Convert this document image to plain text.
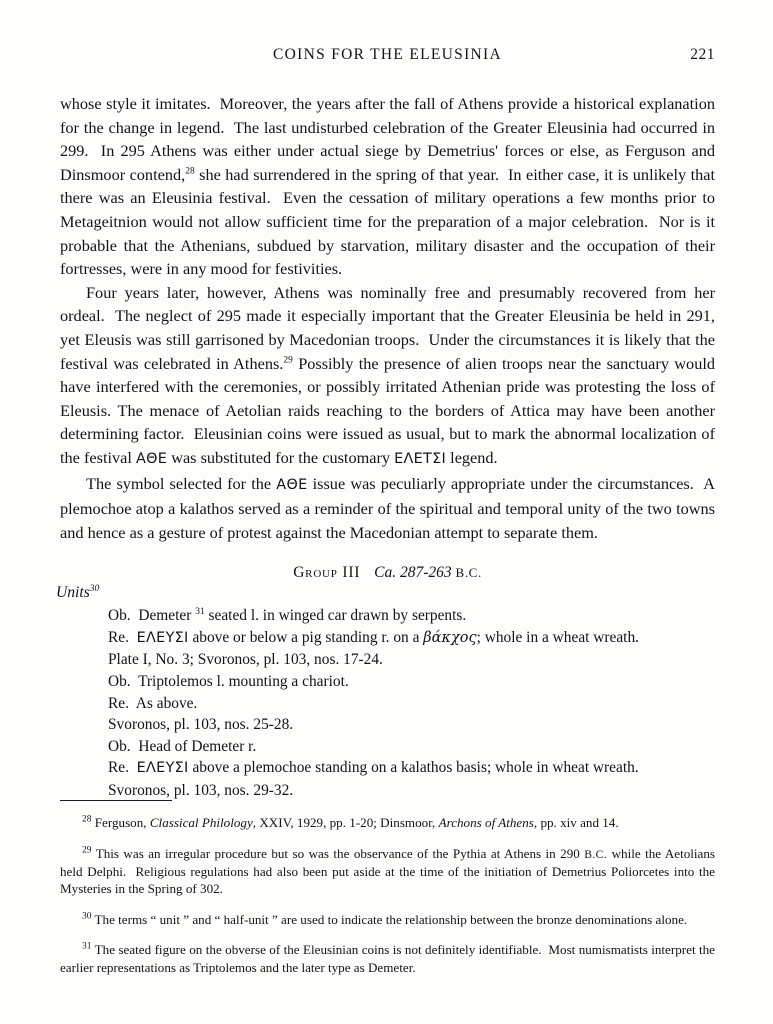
COINS FOR THE ELEUSINIA	221

whose style it imitates.  Moreover, the years after the fall of Athens provide a historical explanation for the change in legend.  The last undisturbed celebration of the Greater Eleusinia had occurred in 299.  In 295 Athens was either under actual siege by Demetrius' forces or else, as Ferguson and Dinsmoor contend,$^{28}$ she had surrendered in the spring of that year.  In either case, it is unlikely that there was an Eleusinia festival.  Even the cessation of military operations a few months prior to Metageitnion would not allow sufficient time for the preparation of a major celebration.  Nor is it probable that the Athenians, subdued by starvation, military disaster and the occupation of their fortresses, were in any mood for festivities.

Four years later, however, Athens was nominally free and presumably recovered from her ordeal.  The neglect of 295 made it especially important that the Greater Eleusinia be held in 291, yet Eleusis was still garrisoned by Macedonian troops.  Under the circumstances it is likely that the festival was celebrated in Athens.$^{29}$ Possibly the presence of alien troops near the sanctuary would have interfered with the ceremonies, or possibly irritated Athenian pride was protesting the loss of Eleusis. The menace of Aetolian raids reaching to the borders of Attica may have been another determining factor.  Eleusinian coins were issued as usual, but to mark the abnormal localization of the festival ΑΘΕ was substituted for the customary ΕΛΕΤΣΙ legend.

The symbol selected for the ΑΘΕ issue was peculiarly appropriate under the circumstances.  A plemochoe atop a kalathos served as a reminder of the spiritual and temporal unity of the two towns and hence as a gesture of protest against the Macedonian attempt to separate them.

Group III Ca. 287-263 B.C.
Units$^{30}$
Ob.  Demeter $^{31}$ seated l. in winged car drawn by serpents.
Re.  ΕΛΕΥΣΙ above or below a pig standing r. on a βάκχος; whole in a wheat wreath.
Plate I, No. 3; Svoronos, pl. 103, nos. 17-24.
Ob.  Triptolemos l. mounting a chariot.
Re.  As above.
Svoronos, pl. 103, nos. 25-28.
Ob.  Head of Demeter r.
Re.  ΕΛΕΥΣΙ above a plemochoe standing on a kalathos basis; whole in wheat wreath.
Svoronos, pl. 103, nos. 29-32.

$^{28}$ Ferguson, Classical Philology, XXIV, 1929, pp. 1-20; Dinsmoor, Archons of Athens, pp. xiv and 14.

$^{29}$ This was an irregular procedure but so was the observance of the Pythia at Athens in 290 B.C. while the Aetolians held Delphi.  Religious regulations had also been put aside at the time of the initiation of Demetrius Poliorcetes into the Mysteries in the Spring of 302.

$^{30}$ The terms “ unit ” and “ half-unit ” are used to indicate the relationship between the bronze denominations alone.

$^{31}$ The seated figure on the obverse of the Eleusinian coins is not definitely identifiable.  Most numismatists interpret the earlier representations as Triptolemos and the later type as Demeter.
